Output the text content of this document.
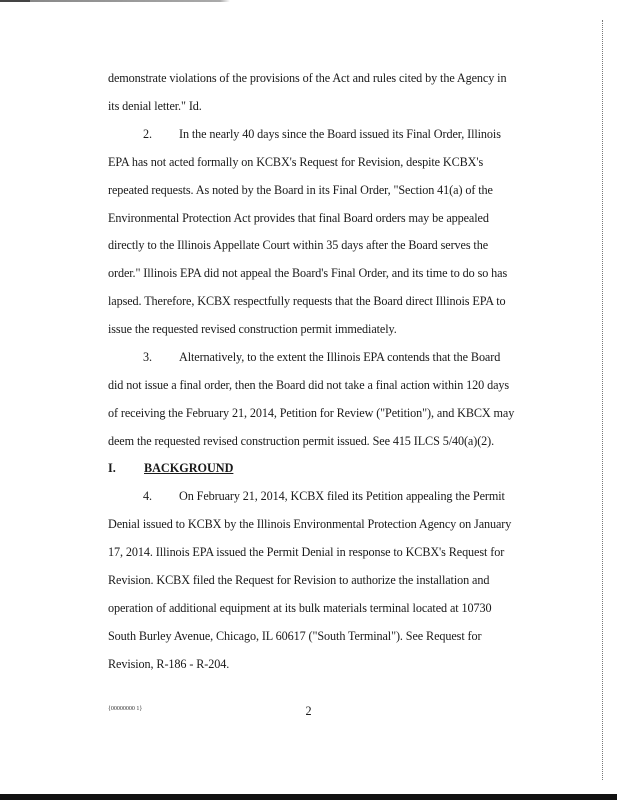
demonstrate violations of the provisions of the Act and rules cited by the Agency in
its denial letter." Id.
2. In the nearly 40 days since the Board issued its Final Order, Illinois
EPA has not acted formally on KCBX's Request for Revision, despite KCBX's
repeated requests. As noted by the Board in its Final Order, "Section 41(a) of the
Environmental Protection Act provides that final Board orders may be appealed
directly to the Illinois Appellate Court within 35 days after the Board serves the
order." Illinois EPA did not appeal the Board's Final Order, and its time to do so has
lapsed. Therefore, KCBX respectfully requests that the Board direct Illinois EPA to
issue the requested revised construction permit immediately.
3. Alternatively, to the extent the Illinois EPA contends that the Board
did not issue a final order, then the Board did not take a final action within 120 days
of receiving the February 21, 2014, Petition for Review ("Petition"), and KBCX may
deem the requested revised construction permit issued. See 415 ILCS 5/40(a)(2).
I. BACKGROUND
4. On February 21, 2014, KCBX filed its Petition appealing the Permit
Denial issued to KCBX by the Illinois Environmental Protection Agency on January
17, 2014. Illinois EPA issued the Permit Denial in response to KCBX's Request for
Revision. KCBX filed the Request for Revision to authorize the installation and
operation of additional equipment at its bulk materials terminal located at 10730
South Burley Avenue, Chicago, IL 60617 ("South Terminal"). See Request for
Revision, R-186 - R-204.
{00000000 1}	2
